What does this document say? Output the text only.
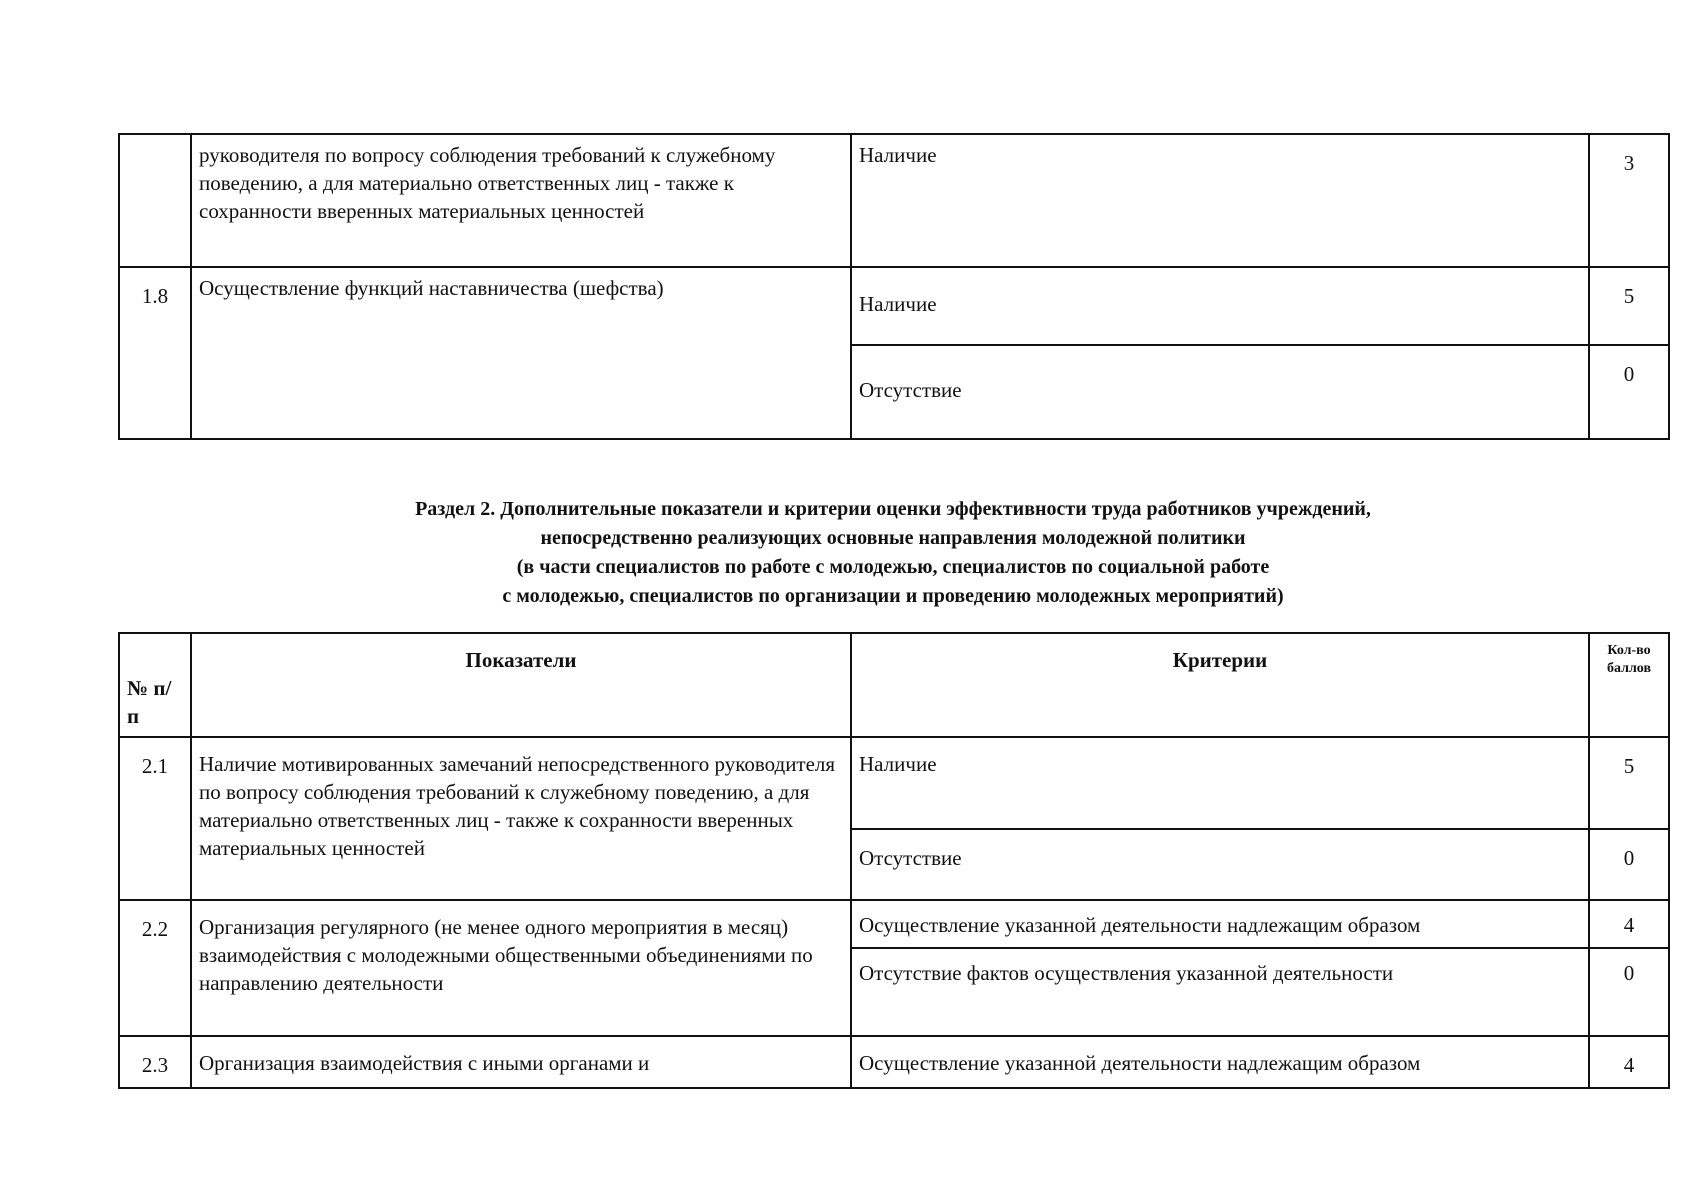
	руководителя по вопросу соблюдения требований к служебному поведению, а для материально ответственных лиц - также к сохранности вверенных материальных ценностей	Наличие	3
1.8	Осуществление функций наставничества (шефства)	Наличие	5
		Отсутствие	0
Раздел 2. Дополнительные показатели и критерии оценки эффективности труда работников учреждений,
непосредственно реализующих основные направления молодежной политики
(в части специалистов по работе с молодежью, специалистов по социальной работе
с молодежью, специалистов по организации и проведению молодежных мероприятий)
№ п/п	Показатели	Критерии	Кол-во баллов
2.1	Наличие мотивированных замечаний непосредственного руководителя по вопросу соблюдения требований к служебному поведению, а для материально ответственных лиц - также к сохранности вверенных материальных ценностей	Наличие	5
		Отсутствие	0
2.2	Организация регулярного (не менее одного мероприятия в месяц) взаимодействия с молодежными общественными объединениями по направлению деятельности	Осуществление указанной деятельности надлежащим образом	4
		Отсутствие фактов осуществления указанной деятельности	0
2.3	Организация взаимодействия с иными органами и	Осуществление указанной деятельности надлежащим образом	4
